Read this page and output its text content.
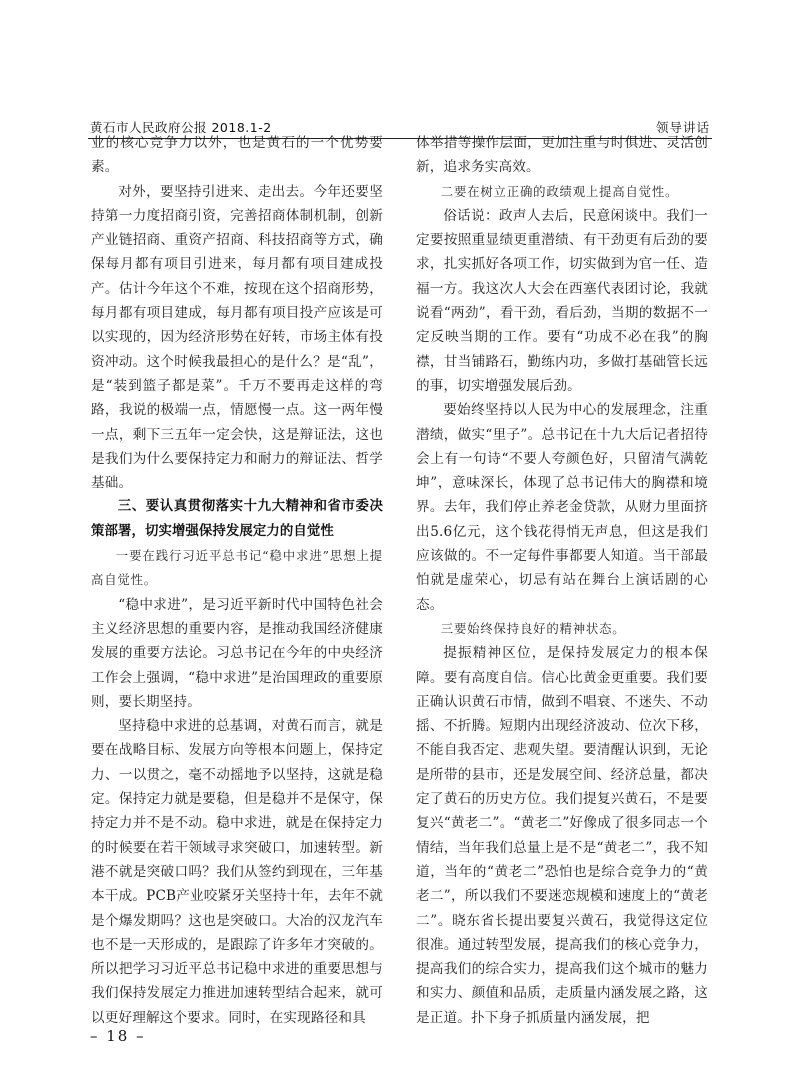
黄石市人民政府公报 2018.1-2	领导讲话

业的核心竞争力以外，也是黄石的一个优势要素。

对外，要坚持引进来、走出去。今年还要坚持第一力度招商引资，完善招商体制机制，创新产业链招商、重资产招商、科技招商等方式，确保每月都有项目引进来，每月都有项目建成投产。估计今年这个不难，按现在这个招商形势，每月都有项目建成，每月都有项目投产应该是可以实现的，因为经济形势在好转，市场主体有投资冲动。这个时候我最担心的是什么？是“乱”，是“装到篮子都是菜”。千万不要再走这样的弯路，我说的极端一点，情愿慢一点。这一两年慢一点，剩下三五年一定会快，这是辩证法，这也是我们为什么要保持定力和耐力的辩证法、哲学基础。

三、要认真贯彻落实十九大精神和省市委决策部署，切实增强保持发展定力的自觉性

一要在践行习近平总书记“稳中求进”思想上提高自觉性。

“稳中求进”，是习近平新时代中国特色社会主义经济思想的重要内容，是推动我国经济健康发展的重要方法论。习总书记在今年的中央经济工作会上强调，“稳中求进”是治国理政的重要原则，要长期坚持。

坚持稳中求进的总基调，对黄石而言，就是要在战略目标、发展方向等根本问题上，保持定力、一以贯之，毫不动摇地予以坚持，这就是稳定。保持定力就是要稳，但是稳并不是保守，保持定力并不是不动。稳中求进，就是在保持定力的时候要在若干领域寻求突破口，加速转型。新港不就是突破口吗？我们从签约到现在，三年基本干成。PCB产业咬紧牙关坚持十年，去年不就是个爆发期吗？这也是突破口。大冶的汉龙汽车也不是一天形成的，是跟踪了许多年才突破的。所以把学习习近平总书记稳中求进的重要思想与我们保持发展定力推进加速转型结合起来，就可以更好理解这个要求。同时，在实现路径和具

体举措等操作层面，更加注重与时俱进、灵活创新，追求务实高效。

二要在树立正确的政绩观上提高自觉性。

俗话说：政声人去后，民意闲谈中。我们一定要按照重显绩更重潜绩、有干劲更有后劲的要求，扎实抓好各项工作，切实做到为官一任、造福一方。我这次人大会在西塞代表团讨论，我就说看“两劲”，看干劲，看后劲，当期的数据不一定反映当期的工作。要有“功成不必在我”的胸襟，甘当铺路石，勤练内功，多做打基础管长远的事，切实增强发展后劲。

要始终坚持以人民为中心的发展理念，注重潜绩，做实“里子”。总书记在十九大后记者招待会上有一句诗“不要人夸颜色好，只留清气满乾坤”，意味深长，体现了总书记伟大的胸襟和境界。去年，我们停止养老金贷款，从财力里面挤出5.6亿元，这个钱花得悄无声息，但这是我们应该做的。不一定每件事都要人知道。当干部最怕就是虚荣心，切忌有站在舞台上演话剧的心态。

三要始终保持良好的精神状态。

提振精神区位，是保持发展定力的根本保障。要有高度自信。信心比黄金更重要。我们要正确认识黄石市情，做到不唱衰、不迷失、不动摇、不折腾。短期内出现经济波动、位次下移，不能自我否定、悲观失望。要清醒认识到，无论是所带的县市，还是发展空间、经济总量，都决定了黄石的历史方位。我们提复兴黄石，不是要复兴“黄老二”。“黄老二”好像成了很多同志一个情结，当年我们总量上是不是“黄老二”，我不知道，当年的“黄老二”恐怕也是综合竞争力的“黄老二”，所以我们不要迷恋规模和速度上的“黄老二”。晓东省长提出要复兴黄石，我觉得这定位很准。通过转型发展，提高我们的核心竞争力，提高我们的综合实力，提高我们这个城市的魅力和实力、颜值和品质，走质量内涵发展之路，这是正道。扑下身子抓质量内涵发展，把

– 18 –
